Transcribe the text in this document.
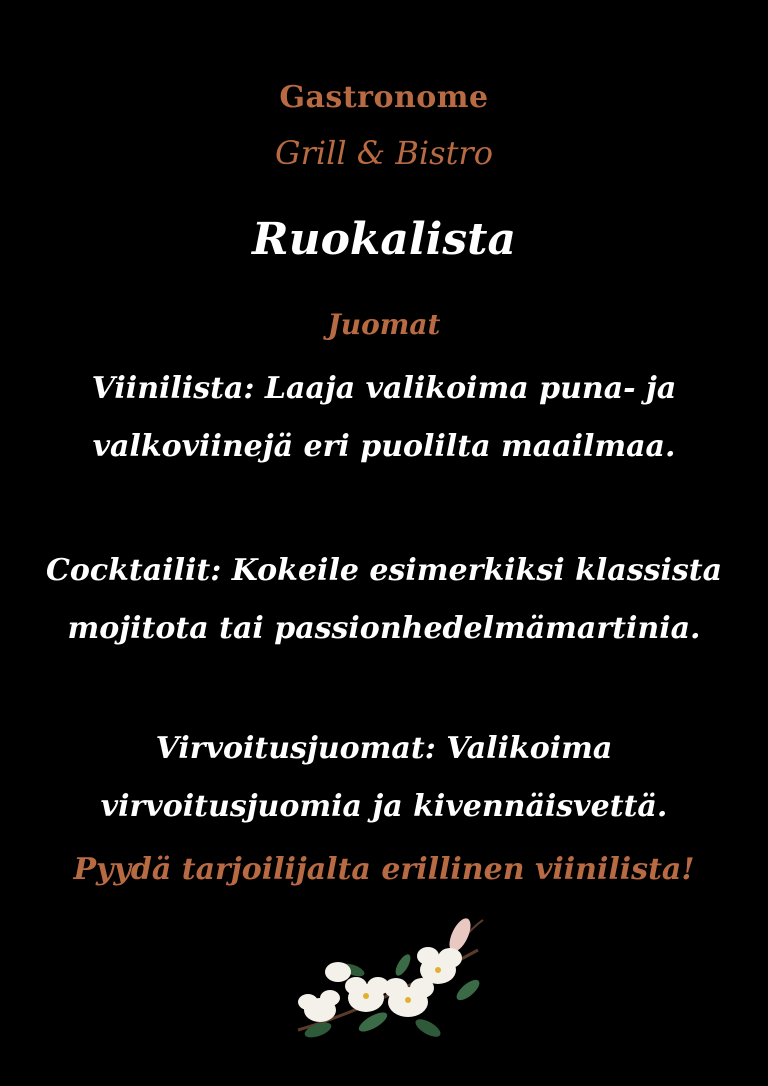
Gastronome
Grill & Bistro
Ruokalista
Juomat
Viinilista: Laaja valikoima puna- ja valkoviinejä eri puolilta maailmaa.
Cocktailit: Kokeile esimerkiksi klassista mojitota tai passionhedelmämartinia.
Virvoitusjuomat: Valikoima virvoitusjuomia ja kivennäisvettä.
Pyydä tarjoilijalta erillinen viinilista!
